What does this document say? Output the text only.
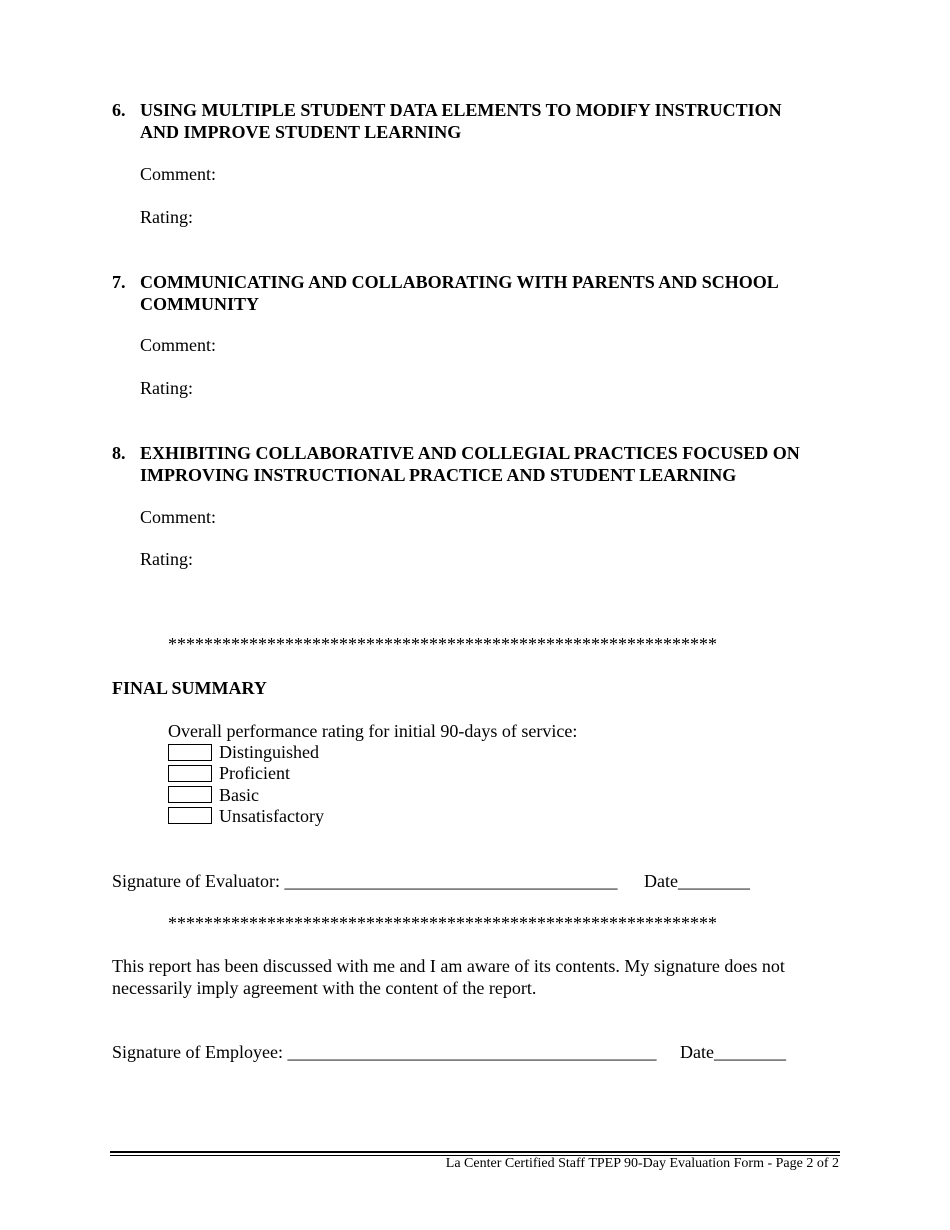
6. USING MULTIPLE STUDENT DATA ELEMENTS TO MODIFY INSTRUCTION
AND IMPROVE STUDENT LEARNING
Comment:
Rating:
7. COMMUNICATING AND COLLABORATING WITH PARENTS AND SCHOOL
COMMUNITY
Comment:
Rating:
8. EXHIBITING COLLABORATIVE AND COLLEGIAL PRACTICES FOCUSED ON
IMPROVING INSTRUCTIONAL PRACTICE AND STUDENT LEARNING
Comment:
Rating:
*************************************************************
FINAL SUMMARY
Overall performance rating for initial 90-days of service:
Distinguished
Proficient
Basic
Unsatisfactory
Signature of Evaluator: _____________________________________ Date________
*************************************************************
This report has been discussed with me and I am aware of its contents. My signature does not
necessarily imply agreement with the content of the report.
Signature of Employee: _________________________________________ Date________
La Center Certified Staff TPEP 90-Day Evaluation Form - Page 2 of 2
